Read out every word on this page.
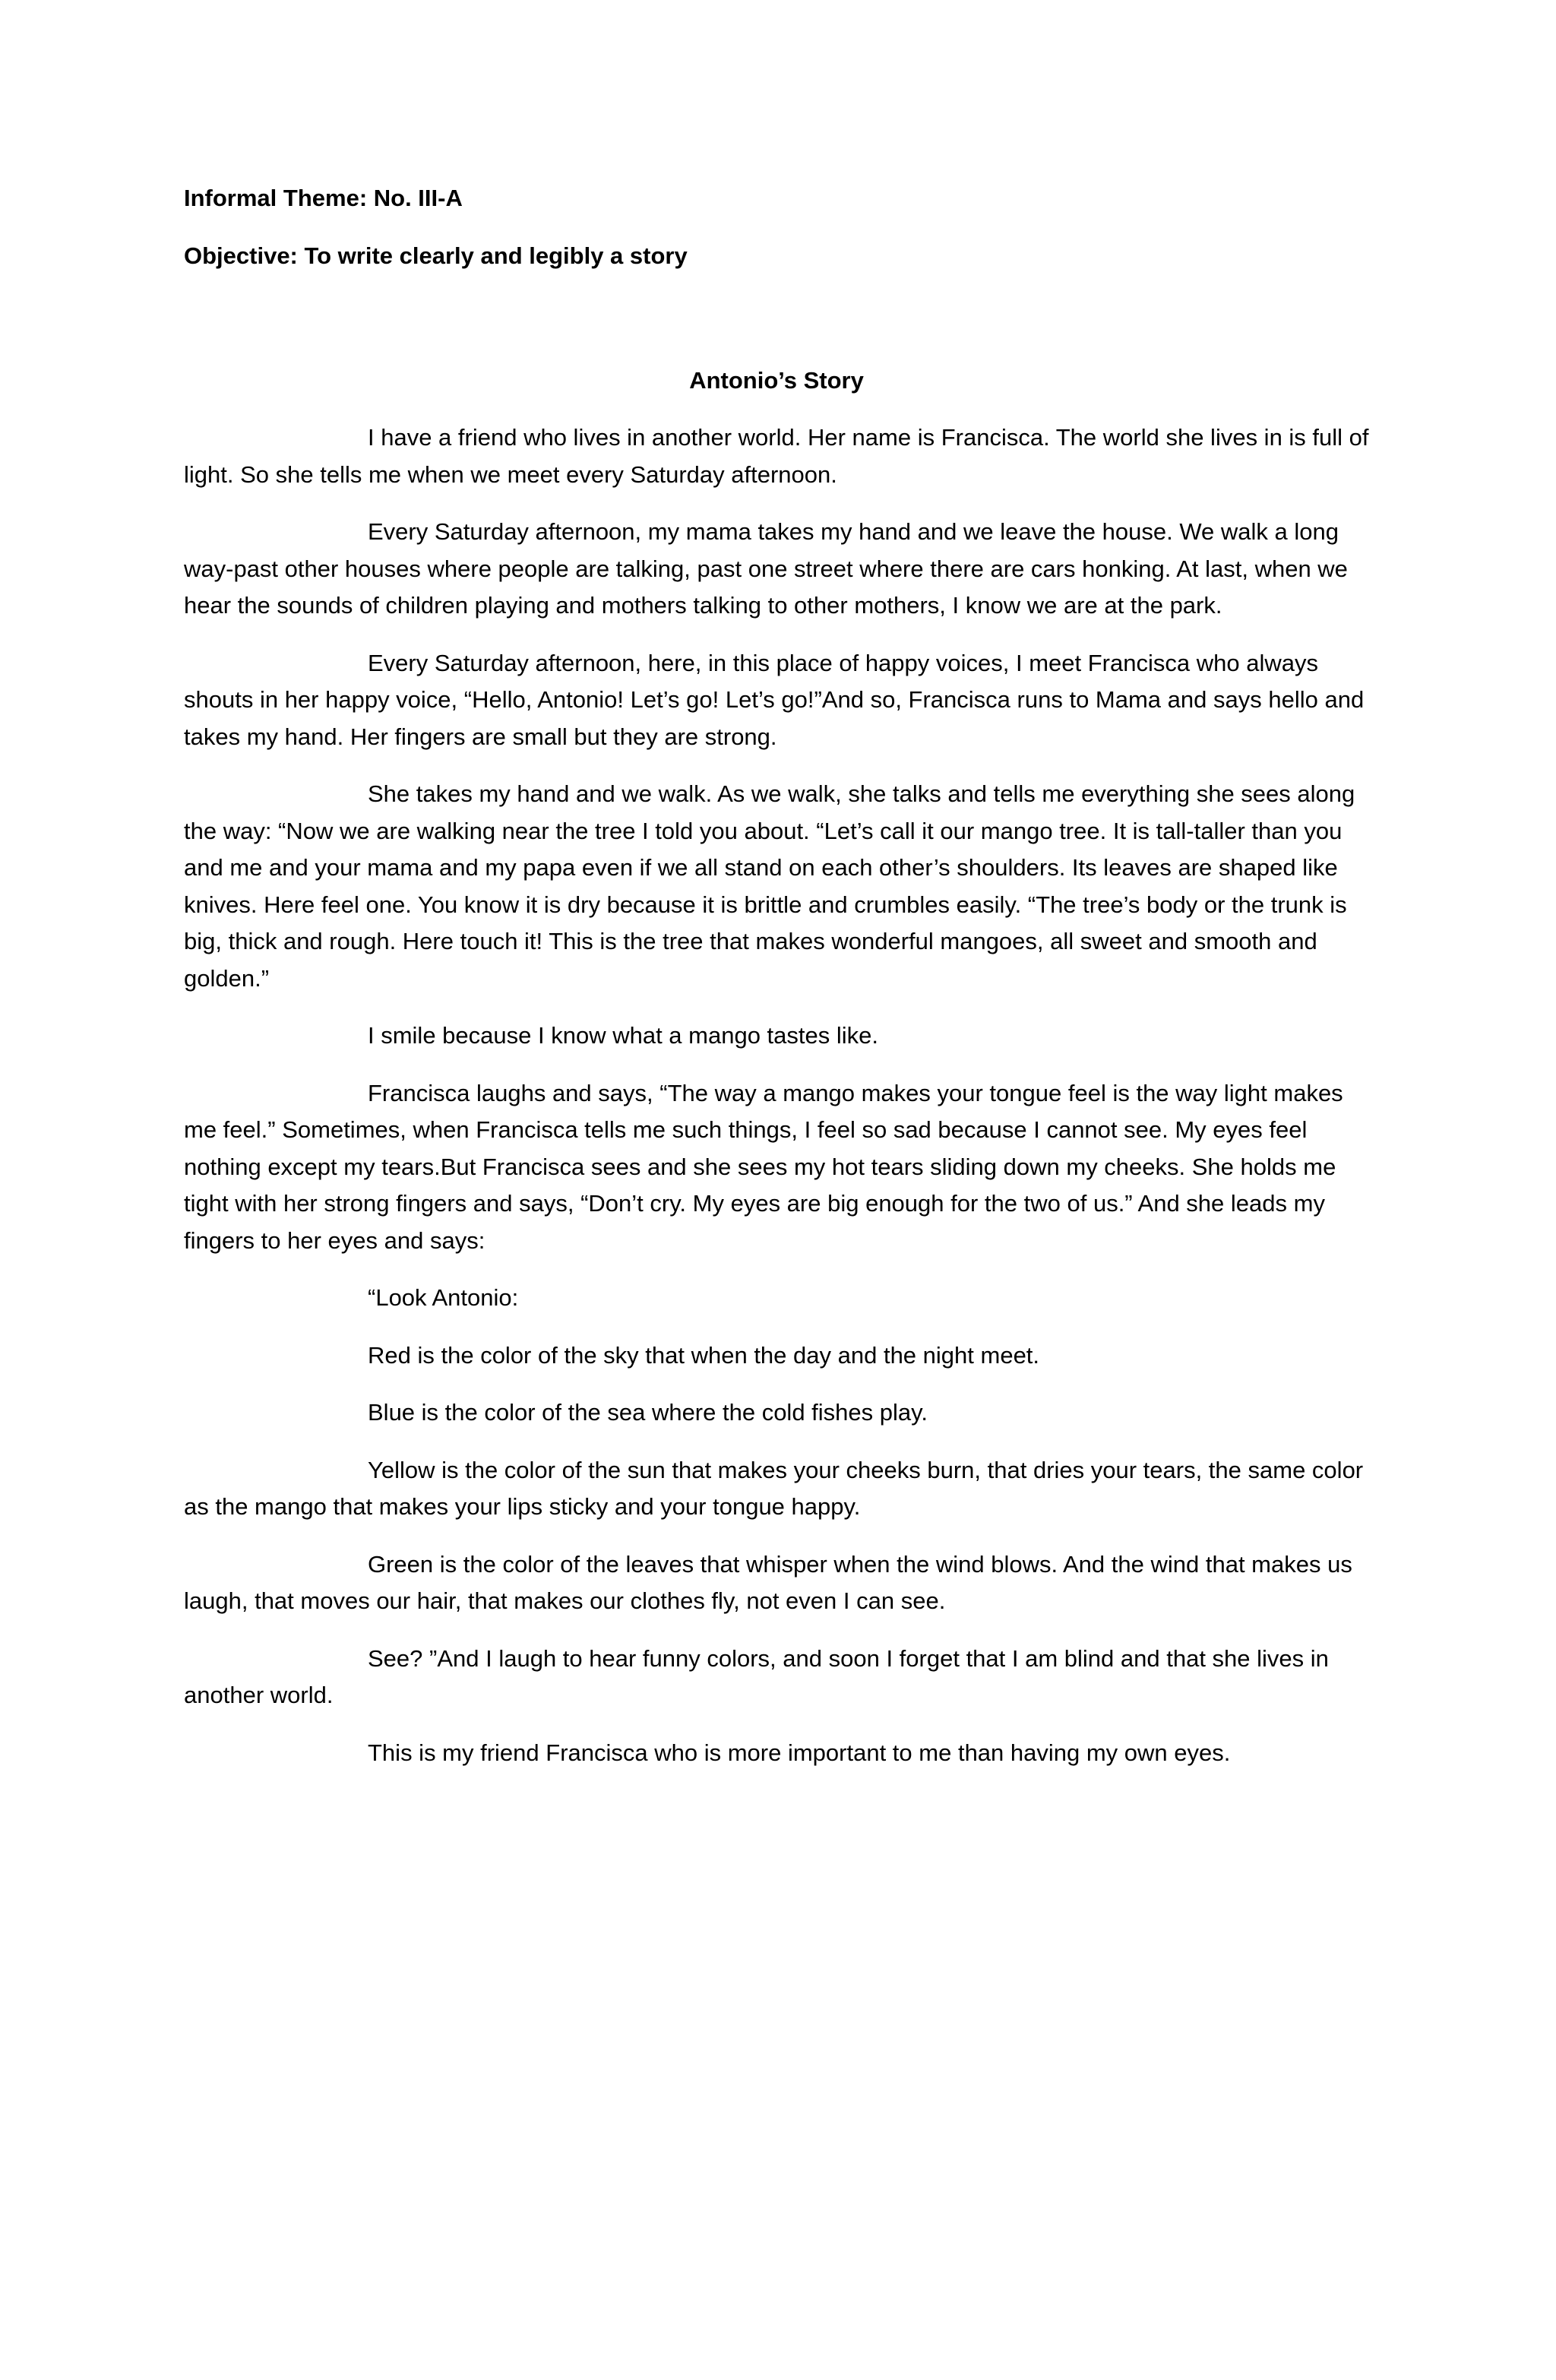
Informal Theme: No. III-A

Objective: To write clearly and legibly a story

Antonio’s Story

I have a friend who lives in another world. Her name is Francisca. The world she lives in is full of light. So she tells me when we meet every Saturday afternoon.

Every Saturday afternoon, my mama takes my hand and we leave the house. We walk a long way-past other houses where people are talking, past one street where there are cars honking. At last, when we hear the sounds of children playing and mothers talking to other mothers, I know we are at the park.

Every Saturday afternoon, here, in this place of happy voices, I meet Francisca who always shouts in her happy voice, “Hello, Antonio! Let’s go! Let’s go!”And so, Francisca runs to Mama and says hello and takes my hand. Her fingers are small but they are strong.

She takes my hand and we walk. As we walk, she talks and tells me everything she sees along the way: “Now we are walking near the tree I told you about. “Let’s call it our mango tree. It is tall-taller than you and me and your mama and my papa even if we all stand on each other’s shoulders. Its leaves are shaped like knives. Here feel one. You know it is dry because it is brittle and crumbles easily. “The tree’s body or the trunk is big, thick and rough. Here touch it! This is the tree that makes wonderful mangoes, all sweet and smooth and golden.”

I smile because I know what a mango tastes like.

Francisca laughs and says, “The way a mango makes your tongue feel is the way light makes me feel.” Sometimes, when Francisca tells me such things, I feel so sad because I cannot see. My eyes feel nothing except my tears.But Francisca sees and she sees my hot tears sliding down my cheeks. She holds me tight with her strong fingers and says, “Don’t cry. My eyes are big enough for the two of us.” And she leads my fingers to her eyes and says:

“Look Antonio:

Red is the color of the sky that when the day and the night meet.

Blue is the color of the sea where the cold fishes play.

Yellow is the color of the sun that makes your cheeks burn, that dries your tears, the same color as the mango that makes your lips sticky and your tongue happy.

Green is the color of the leaves that whisper when the wind blows. And the wind that makes us laugh, that moves our hair, that makes our clothes fly, not even I can see.

See? ”And I laugh to hear funny colors, and soon I forget that I am blind and that she lives in another world.

This is my friend Francisca who is more important to me than having my own eyes.
